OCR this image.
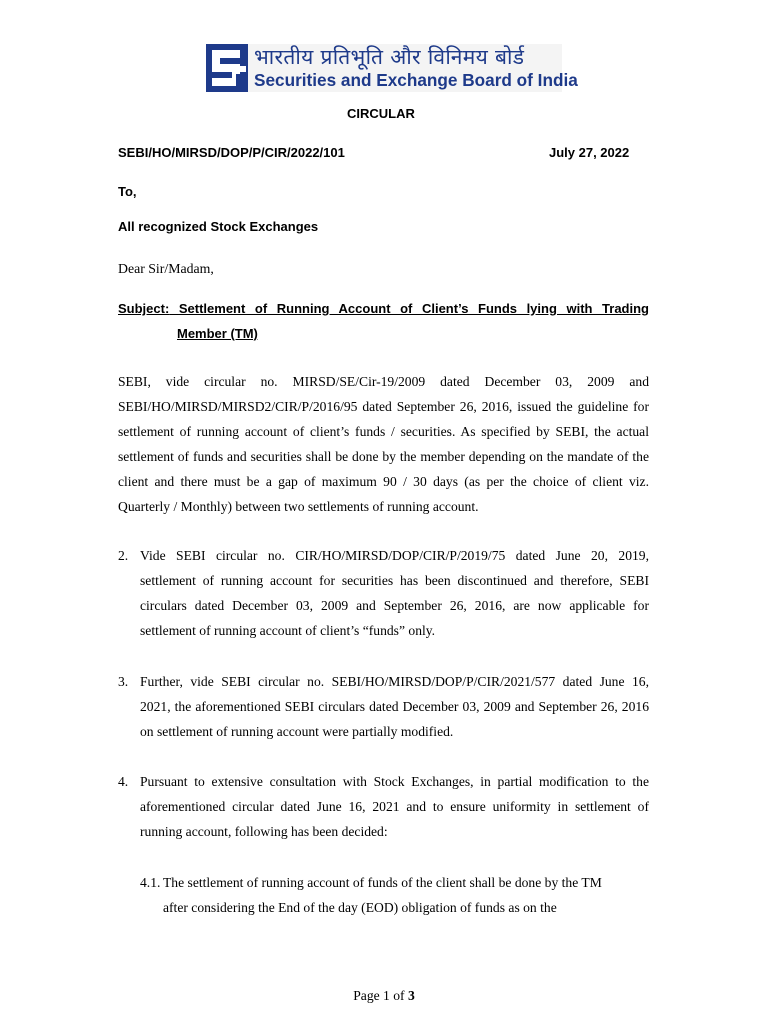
भारतीय प्रतिभूति और विनिमय बोर्ड
Securities and Exchange Board of India
CIRCULAR
SEBI/HO/MIRSD/DOP/P/CIR/2022/101	July 27, 2022
To,
All recognized Stock Exchanges
Dear Sir/Madam,
Subject: Settlement of Running Account of Client’s Funds lying with Trading
Member (TM)
SEBI, vide circular no. MIRSD/SE/Cir-19/2009 dated December 03, 2009 and SEBI/HO/MIRSD/MIRSD2/CIR/P/2016/95 dated September 26, 2016, issued the guideline for settlement of running account of client’s funds / securities. As specified by SEBI, the actual settlement of funds and securities shall be done by the member depending on the mandate of the client and there must be a gap of maximum 90 / 30 days (as per the choice of client viz. Quarterly / Monthly) between two settlements of running account.
2. Vide SEBI circular no. CIR/HO/MIRSD/DOP/CIR/P/2019/75 dated June 20, 2019, settlement of running account for securities has been discontinued and therefore, SEBI circulars dated December 03, 2009 and September 26, 2016, are now applicable for settlement of running account of client’s “funds” only.
3. Further, vide SEBI circular no. SEBI/HO/MIRSD/DOP/P/CIR/2021/577 dated June 16, 2021, the aforementioned SEBI circulars dated December 03, 2009 and September 26, 2016 on settlement of running account were partially modified.
4. Pursuant to extensive consultation with Stock Exchanges, in partial modification to the aforementioned circular dated June 16, 2021 and to ensure uniformity in settlement of running account, following has been decided:
4.1. The settlement of running account of funds of the client shall be done by the TM
after considering the End of the day (EOD) obligation of funds as on the
Page 1 of 3
